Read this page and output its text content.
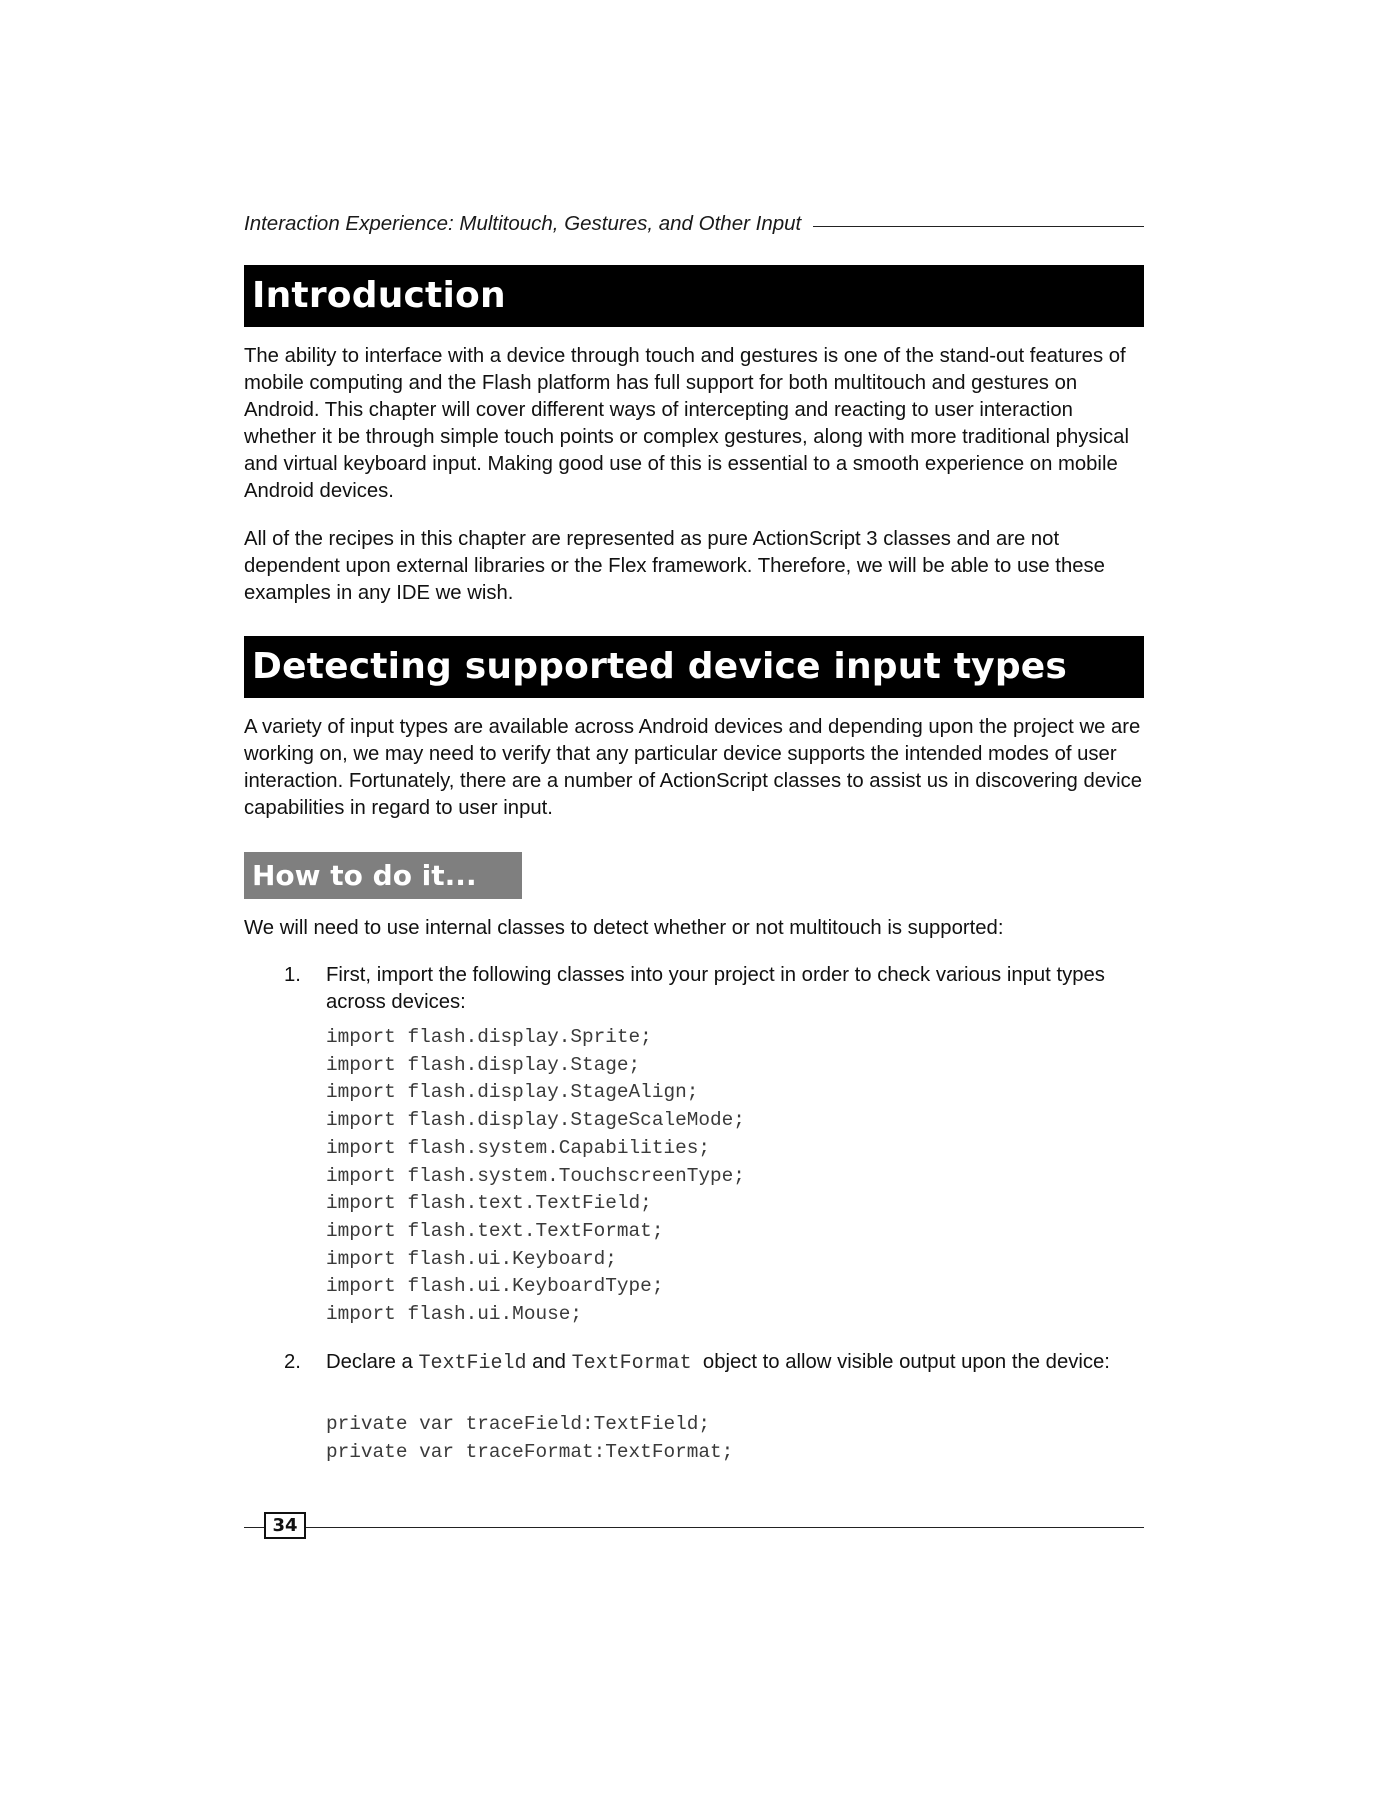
Interaction Experience: Multitouch, Gestures, and Other Input
Introduction

The ability to interface with a device through touch and gestures is one of the stand-out features of mobile computing and the Flash platform has full support for both multitouch and gestures on Android. This chapter will cover different ways of intercepting and reacting to user interaction whether it be through simple touch points or complex gestures, along with more traditional physical and virtual keyboard input. Making good use of this is essential to a smooth experience on mobile Android devices.

All of the recipes in this chapter are represented as pure ActionScript 3 classes and are not dependent upon external libraries or the Flex framework. Therefore, we will be able to use these examples in any IDE we wish.

Detecting supported device input types

A variety of input types are available across Android devices and depending upon the project we are working on, we may need to verify that any particular device supports the intended modes of user interaction. Fortunately, there are a number of ActionScript classes to assist us in discovering device capabilities in regard to user input.

How to do it...

We will need to use internal classes to detect whether or not multitouch is supported:

1. First, import the following classes into your project in order to check various input types across devices:
import flash.display.Sprite;
import flash.display.Stage;
import flash.display.StageAlign;
import flash.display.StageScaleMode;
import flash.system.Capabilities;
import flash.system.TouchscreenType;
import flash.text.TextField;
import flash.text.TextFormat;
import flash.ui.Keyboard;
import flash.ui.KeyboardType;
import flash.ui.Mouse;
2. Declare a TextField and TextFormat object to allow visible output upon the device:
private var traceField:TextField;
private var traceFormat:TextFormat;
34
